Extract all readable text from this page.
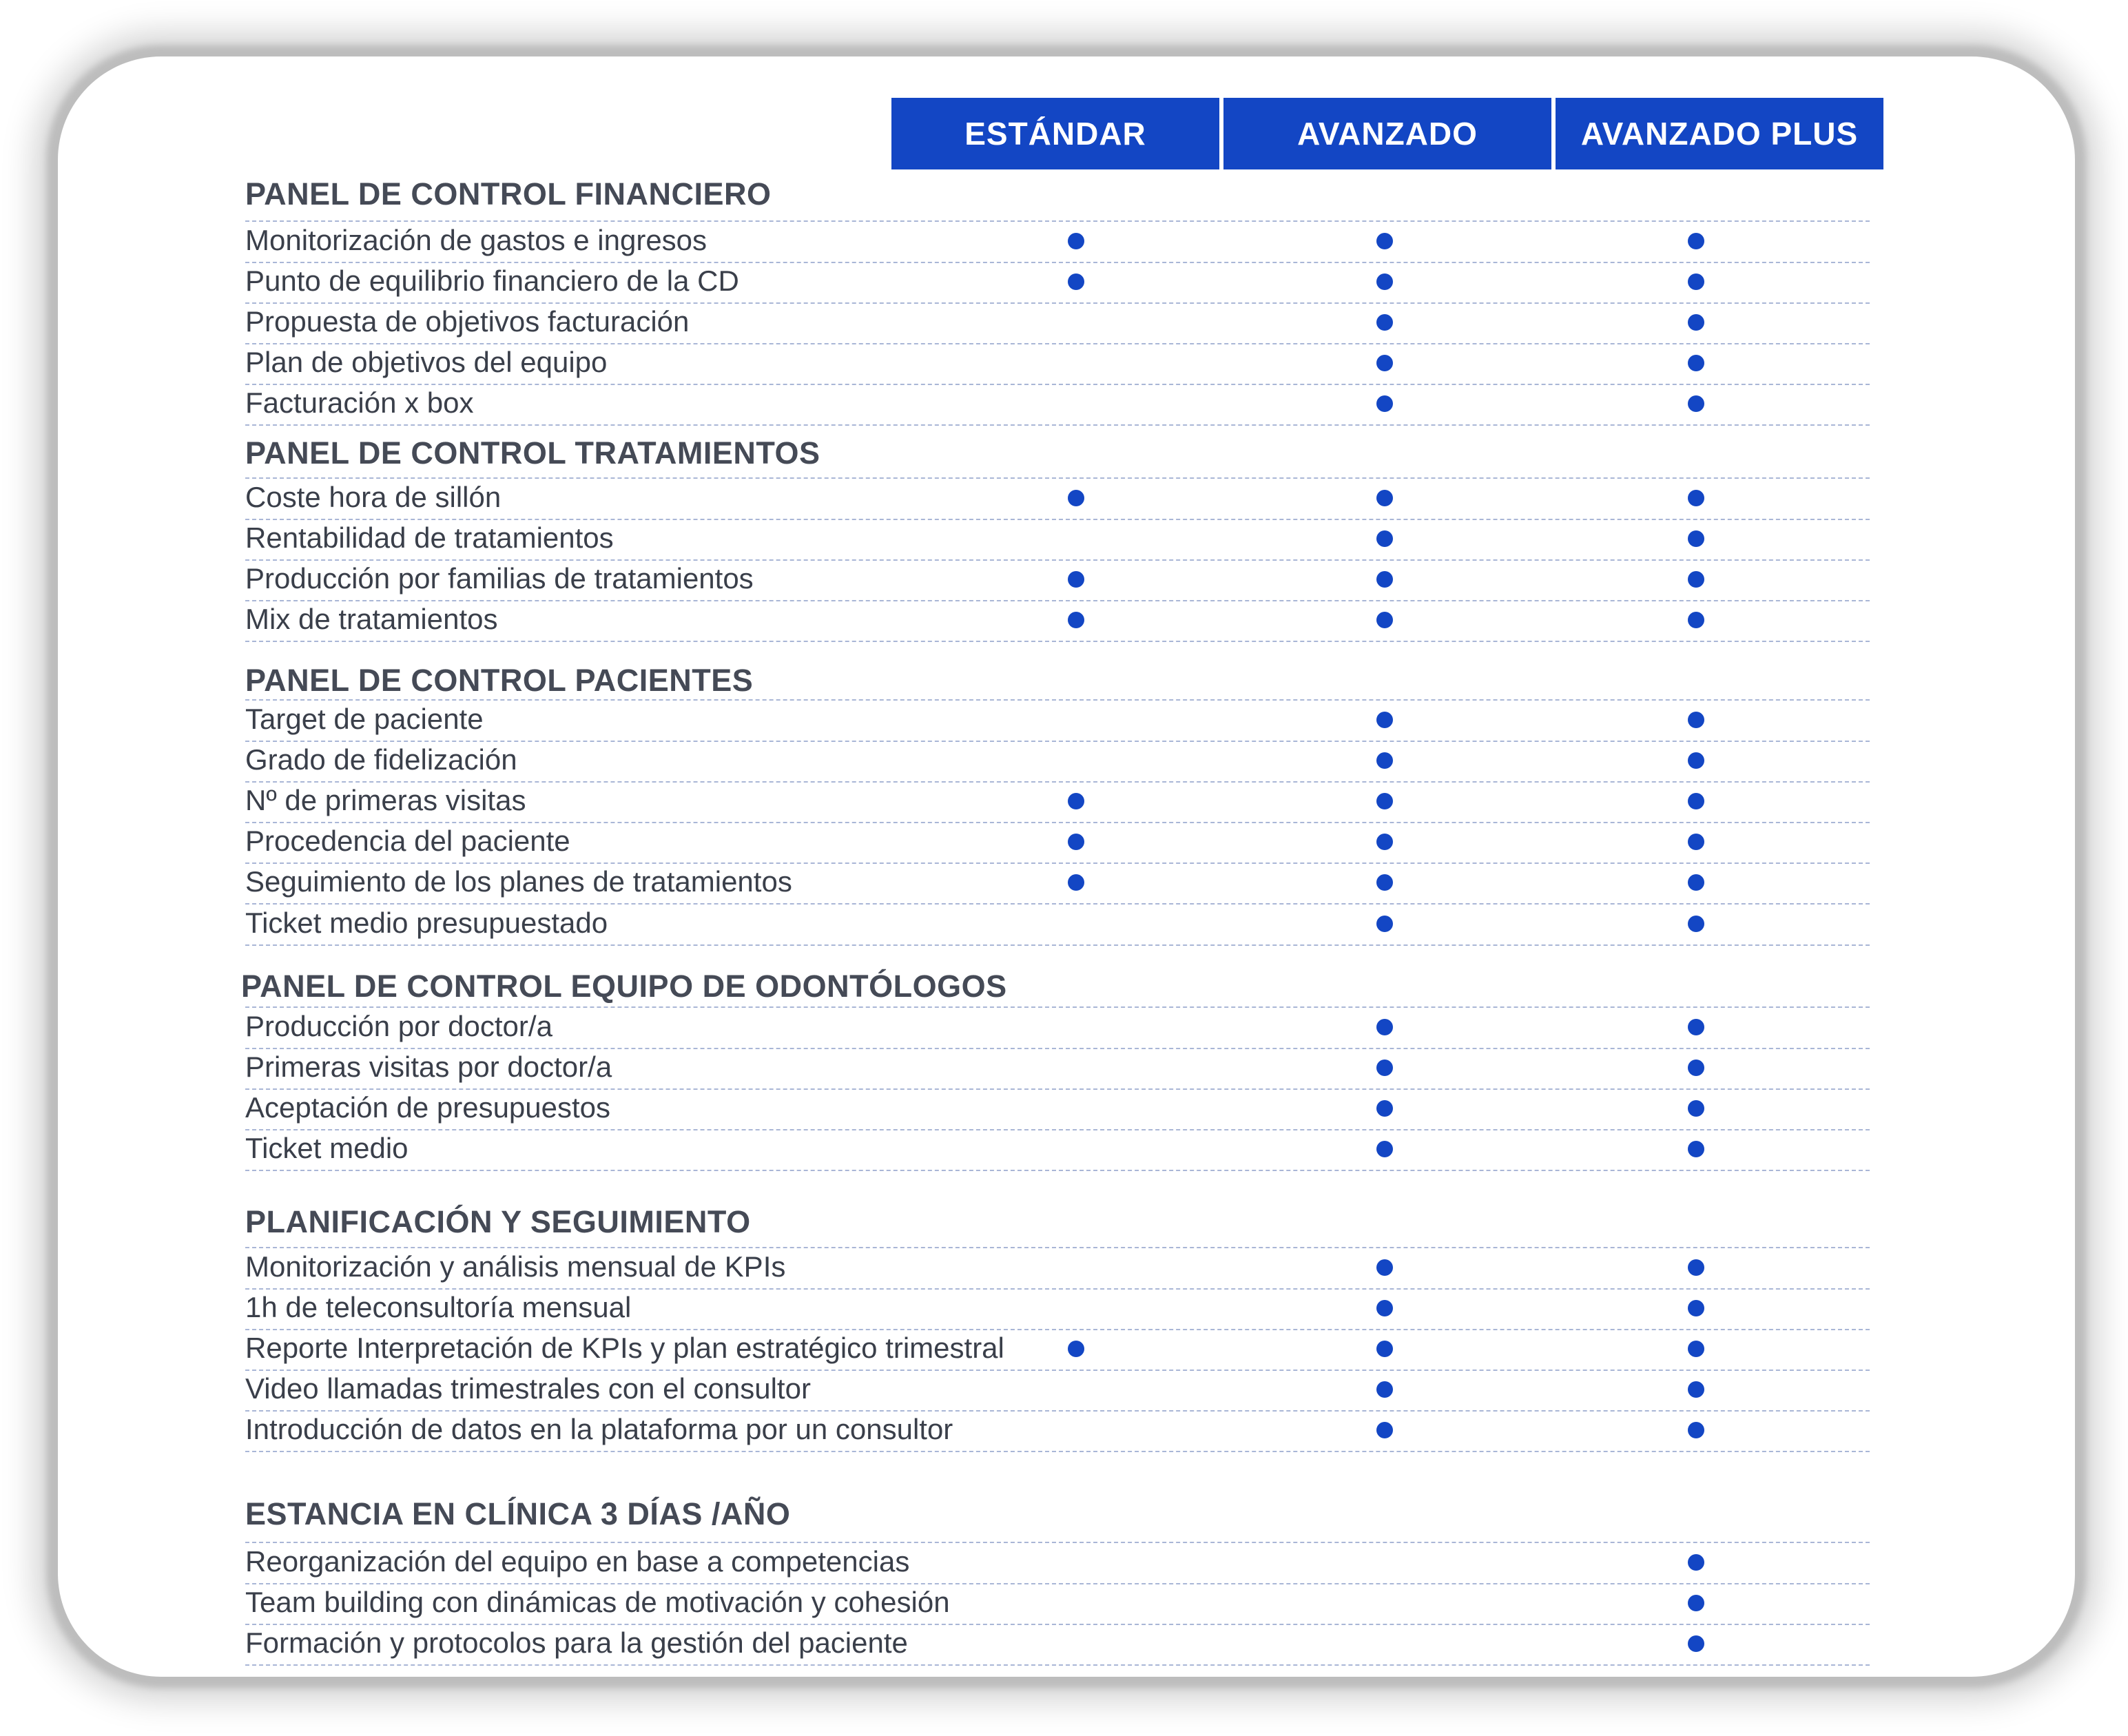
ESTÁNDAR	AVANZADO	AVANZADO PLUS
PANEL DE CONTROL FINANCIERO
Monitorización de gastos e ingresos
Punto de equilibrio financiero de la CD
Propuesta de objetivos facturación
Plan de objetivos del equipo
Facturación x box
PANEL DE CONTROL TRATAMIENTOS
Coste hora de sillón
Rentabilidad de tratamientos
Producción por familias de tratamientos
Mix de tratamientos
PANEL DE CONTROL PACIENTES
Target de paciente
Grado de fidelización
Nº de primeras visitas
Procedencia del paciente
Seguimiento de los planes de tratamientos
Ticket medio presupuestado
PANEL DE CONTROL EQUIPO DE ODONTÓLOGOS
Producción por doctor/a
Primeras visitas por doctor/a
Aceptación de presupuestos
Ticket medio
PLANIFICACIÓN Y SEGUIMIENTO
Monitorización y análisis mensual de KPIs
1h de teleconsultoría mensual
Reporte Interpretación de KPIs y plan estratégico trimestral
Video llamadas trimestrales con el consultor
Introducción de datos en la plataforma por un consultor
ESTANCIA EN CLÍNICA 3 DÍAS /AÑO
Reorganización del equipo en base a competencias
Team building con dinámicas de motivación y cohesión
Formación y protocolos para la gestión del paciente
